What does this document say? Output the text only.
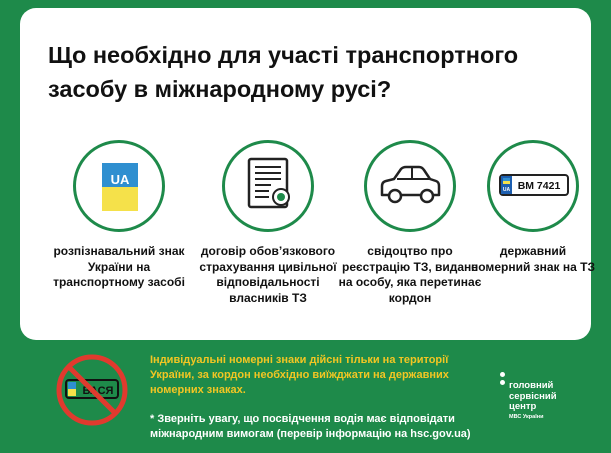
Що необхідно для участі транспортного засобу в міжнародному русі?
UA
розпізнавальний знак України на транспортному засобі
договір обов’язкового страхування цивільної відповідальності власників ТЗ
свідоцтво про реєстрацію ТЗ, видане на особу, яка перетинає кордон
UA ВМ 7421
державний номерний знак на ТЗ
ВАСЯ

Індивідуальні номерні знаки дійсні тільки на території України, за кордон необхідно виїжджати на державних номерних знаках.

* Зверніть увагу, що посвідчення водія має відповідати міжнародним вимогам (перевір інформацію на hsc.gov.ua)

головний
сервісний
центр
МВС України
